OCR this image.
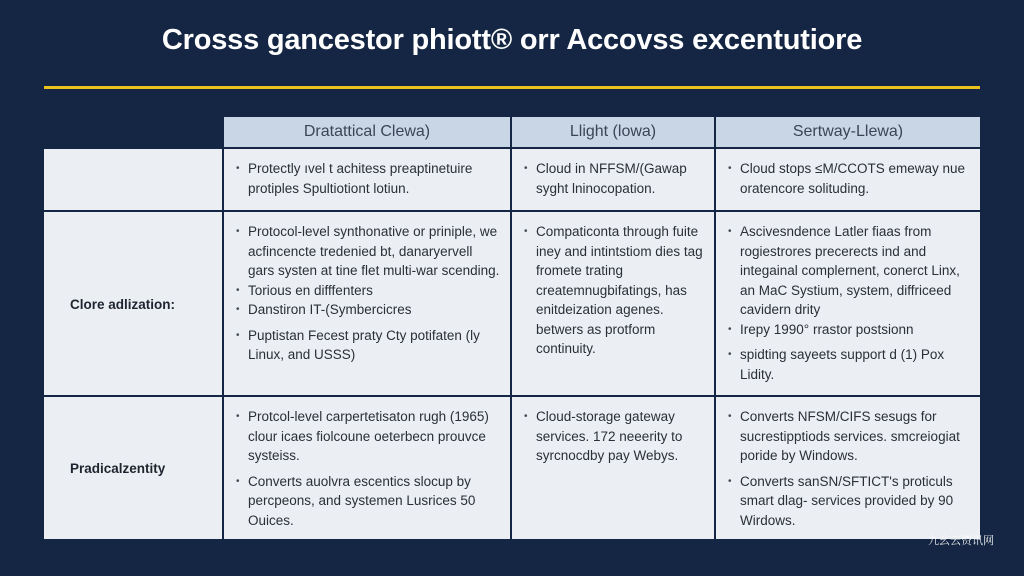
Crosss gancestor phiott® orr Accovss excentutiore
Dratattical Clewa)	Llight (lowa)	Sertway-Llewa)
• Protectly ıvel t achitess preaptinetuire protiples Spultiotiont lotiun.
• Cloud in NFFSM/(Gawap syght lninocopation.
• Cloud stops ≤M/CCOTS emeway nue oratencore solituding.
Clore adlization:
• Protocol-level synthonative or priniple, we acfincencte tredenied bt, danaryervell gars systen at tine flet multi-war scending.
• Torious en difffenters
• Danstiron IT-(Symbercicres
• Puptistan Fecest praty Cty potifaten (ly Linux, and USSS)
• Compaticonta through fuite iney and intintstiom dies tag fromete trating createmnugbifatings, has enitdeization agenes. betwers as protform continuity.
• Ascivesndence Latler fiaas from rogiestrores precerects ind and integainal complernent, conerct Linx, an MaC Systium, system, diffriceed cavidern drity
• Irepy 1990° rrastor postsionn
• spidting sayeets support d (1) Pox Lidity.
Pradicalzentity
• Protcol-level carpertetisaton rugh (1965) clour icaes fiolcoune oeterbecn prouvce systeiss.
• Converts auolvra escentics slocup by percpeons, and systemen Lusrices 50 Ouices.
• Cloud-storage gateway services. 172 neeerity to syrcnocdby pay Webys.
• Converts NFSM/CIFS sesugs for sucrestipptiods services. smcreiogiat poride by Windows.
• Converts sanSN/SFTICT's proticuls smart dlag- services provided by 90 Wirdows.
九幺云资讯网
